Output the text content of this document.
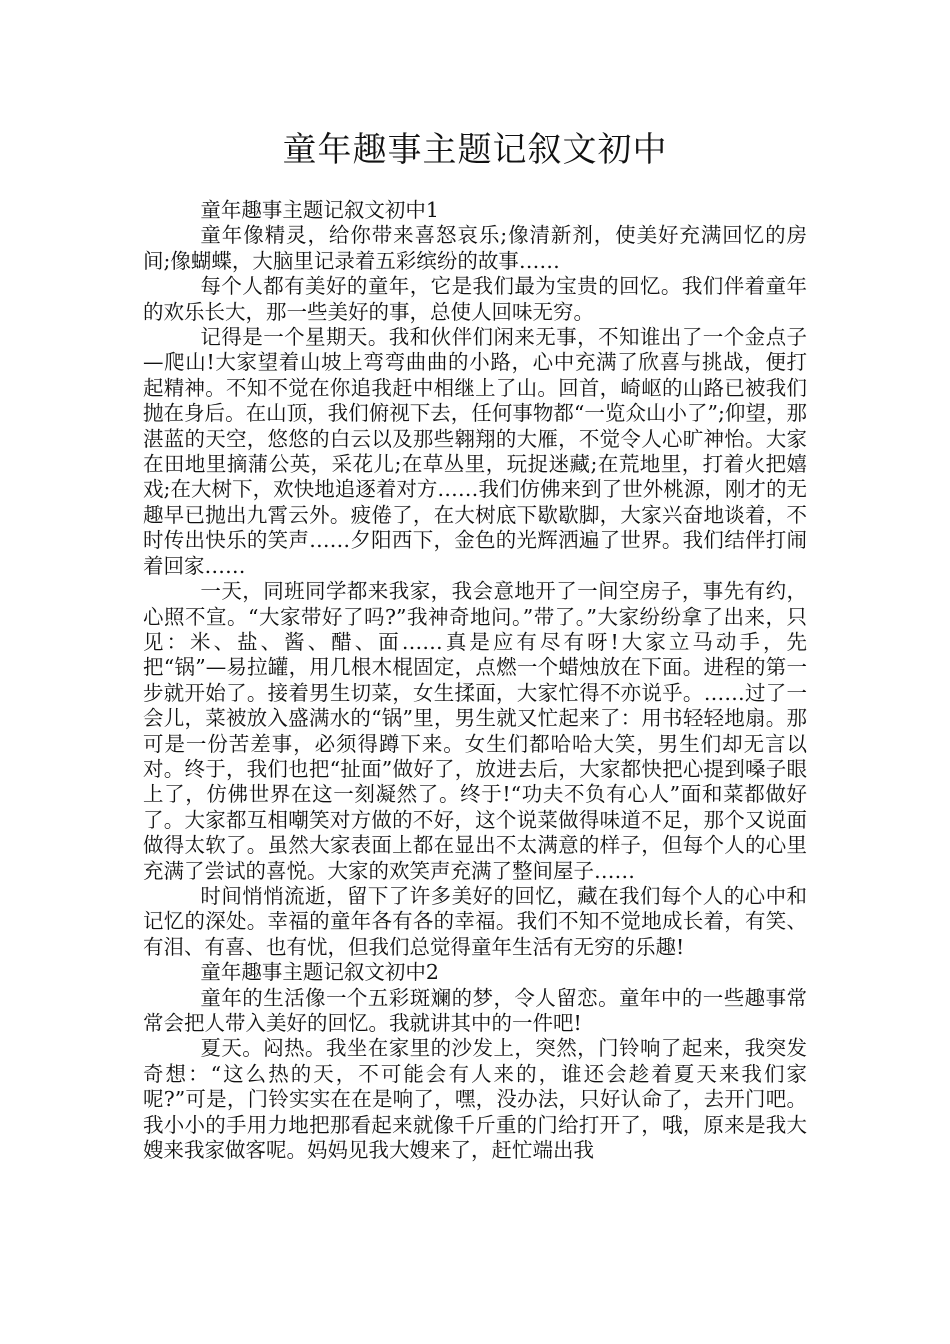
童年趣事主题记叙文初中

童年趣事主题记叙文初中1

童年像精灵，给你带来喜怒哀乐;像清新剂，使美好充满回忆的房间;像蝴蝶，大脑里记录着五彩缤纷的故事……

每个人都有美好的童年，它是我们最为宝贵的回忆。我们伴着童年的欢乐长大，那一些美好的事，总使人回味无穷。

记得是一个星期天。我和伙伴们闲来无事，不知谁出了一个金点子—爬山!大家望着山坡上弯弯曲曲的小路，心中充满了欣喜与挑战，便打起精神。不知不觉在你追我赶中相继上了山。回首，崎岖的山路已被我们抛在身后。在山顶，我们俯视下去，任何事物都“一览众山小了”;仰望，那湛蓝的天空，悠悠的白云以及那些翱翔的大雁，不觉令人心旷神怡。大家在田地里摘蒲公英，采花儿;在草丛里，玩捉迷藏;在荒地里，打着火把嬉戏;在大树下，欢快地追逐着对方……我们仿佛来到了世外桃源，刚才的无趣早已抛出九霄云外。疲倦了，在大树底下歇歇脚，大家兴奋地谈着，不时传出快乐的笑声……夕阳西下，金色的光辉洒遍了世界。我们结伴打闹着回家……

一天，同班同学都来我家，我会意地开了一间空房子，事先有约，心照不宣。“大家带好了吗?”我神奇地问。”带了。”大家纷纷拿了出来，只见：米、盐、酱、醋、面……真是应有尽有呀!大家立马动手，先把“锅”—易拉罐，用几根木棍固定，点燃一个蜡烛放在下面。进程的第一步就开始了。接着男生切菜，女生揉面，大家忙得不亦说乎。……过了一会儿，菜被放入盛满水的“锅”里，男生就又忙起来了：用书轻轻地扇。那可是一份苦差事，必须得蹲下来。女生们都哈哈大笑，男生们却无言以对。终于，我们也把“扯面”做好了，放进去后，大家都快把心提到嗓子眼上了，仿佛世界在这一刻凝然了。终于!“功夫不负有心人”面和菜都做好了。大家都互相嘲笑对方做的不好，这个说菜做得味道不足，那个又说面做得太软了。虽然大家表面上都在显出不太满意的样子，但每个人的心里充满了尝试的喜悦。大家的欢笑声充满了整间屋子……

时间悄悄流逝，留下了许多美好的回忆，藏在我们每个人的心中和记忆的深处。幸福的童年各有各的幸福。我们不知不觉地成长着，有笑、有泪、有喜、也有忧，但我们总觉得童年生活有无穷的乐趣!

童年趣事主题记叙文初中2

童年的生活像一个五彩斑斓的梦，令人留恋。童年中的一些趣事常常会把人带入美好的回忆。我就讲其中的一件吧!

夏天。闷热。我坐在家里的沙发上，突然，门铃响了起来，我突发奇想：“这么热的天，不可能会有人来的，谁还会趁着夏天来我们家呢?”可是，门铃实实在在是响了，嘿，没办法，只好认命了，去开门吧。我小小的手用力地把那看起来就像千斤重的门给打开了，哦，原来是我大嫂来我家做客呢。妈妈见我大嫂来了，赶忙端出我
